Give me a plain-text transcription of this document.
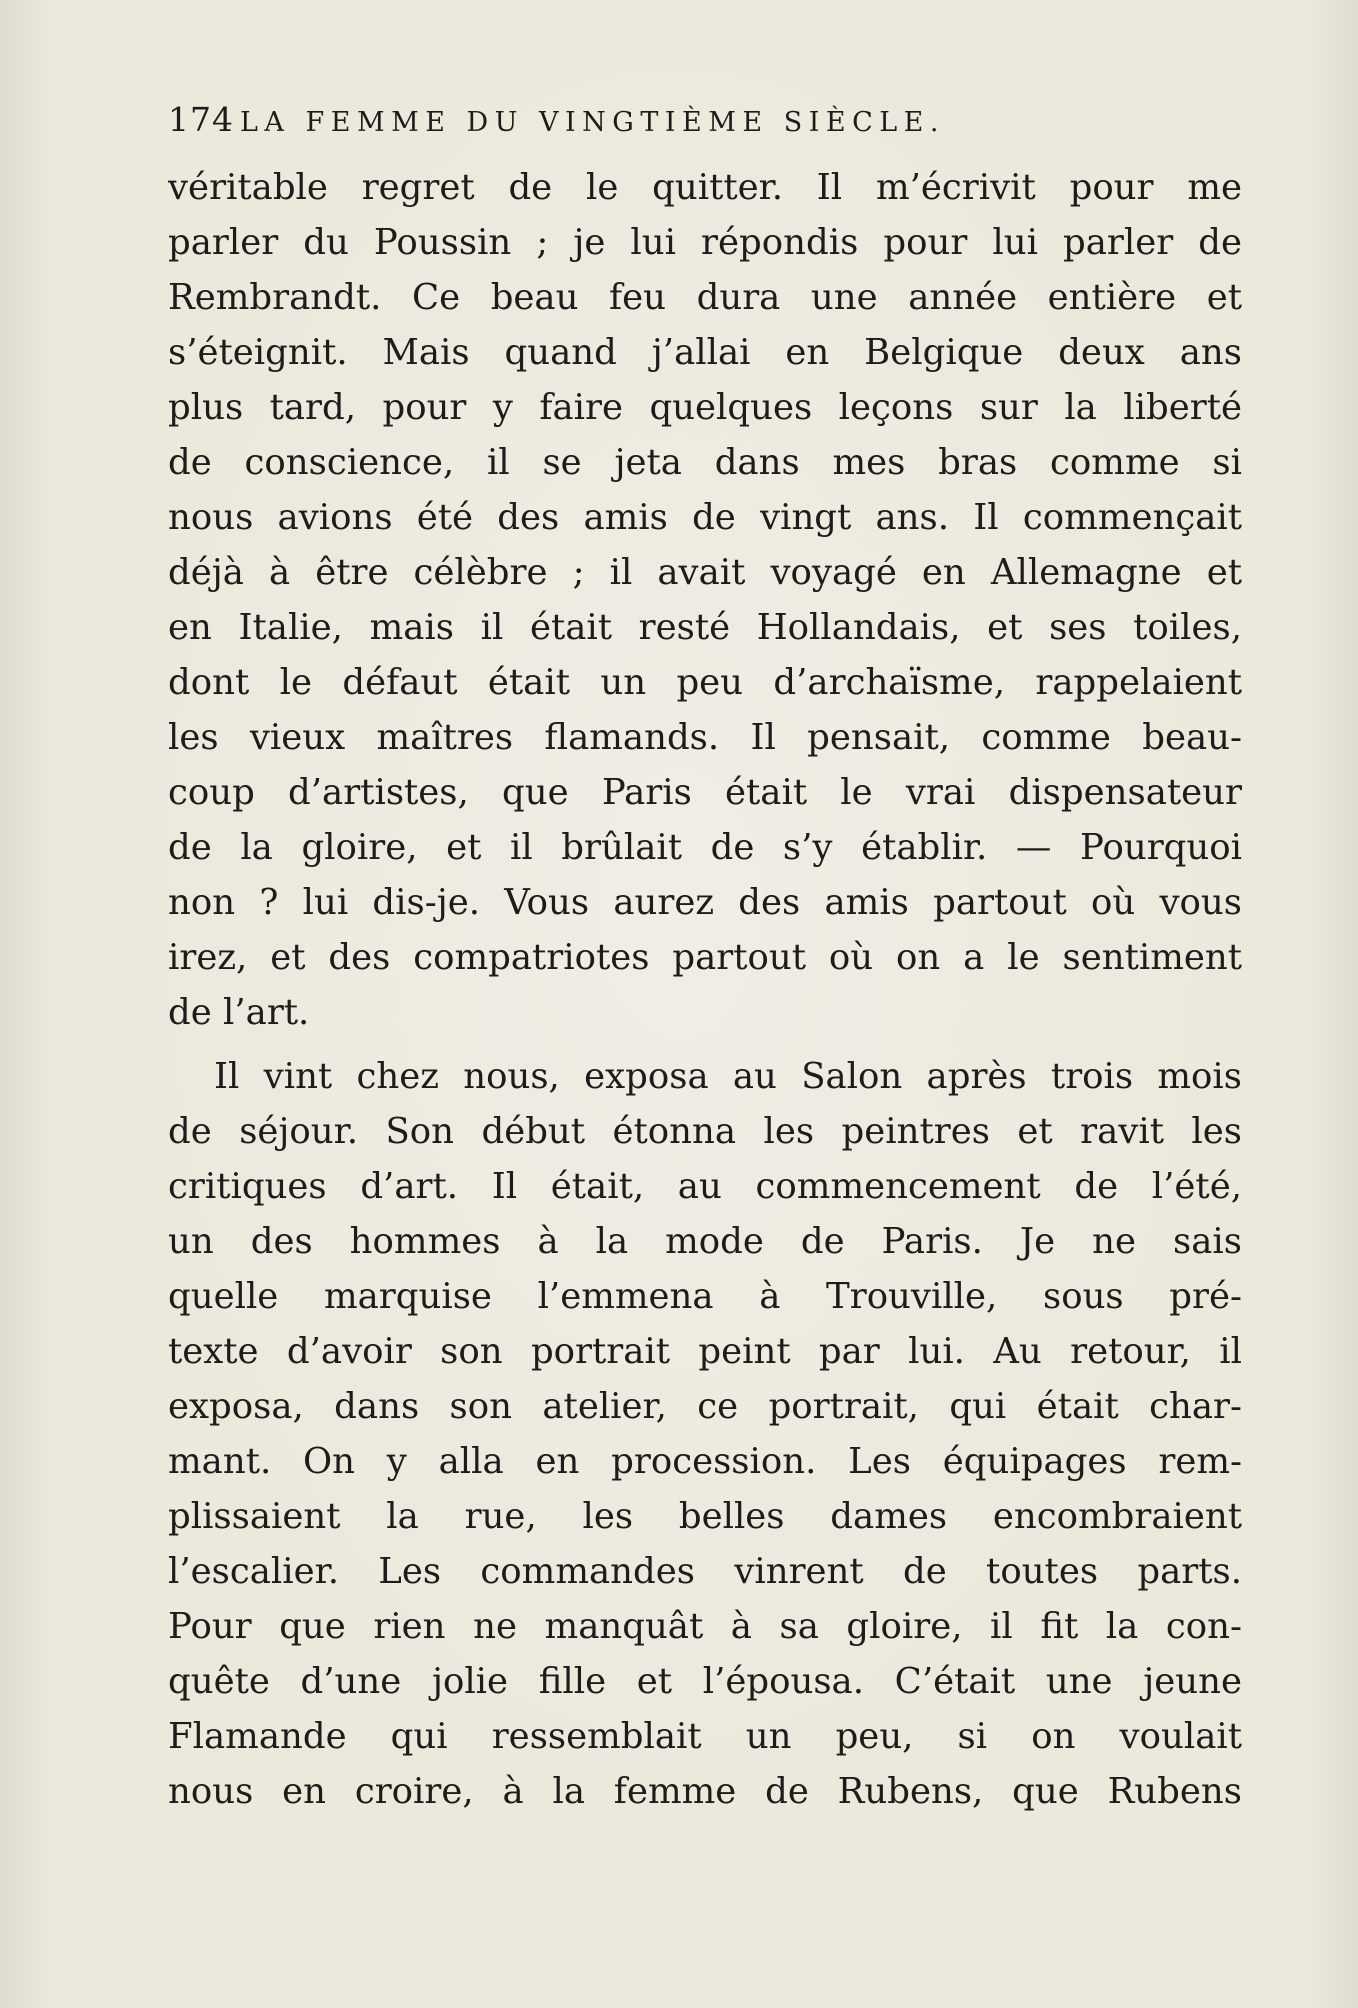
174 LA FEMME DU VINGTIÈME SIÈCLE.
véritable regret de le quitter. Il m’écrivit pour me
parler du Poussin ; je lui répondis pour lui parler de
Rembrandt. Ce beau feu dura une année entière et
s’éteignit. Mais quand j’allai en Belgique deux ans
plus tard, pour y faire quelques leçons sur la liberté
de conscience, il se jeta dans mes bras comme si
nous avions été des amis de vingt ans. Il commençait
déjà à être célèbre ; il avait voyagé en Allemagne et
en Italie, mais il était resté Hollandais, et ses toiles,
dont le défaut était un peu d’archaïsme, rappelaient
les vieux maîtres flamands. Il pensait, comme beau-
coup d’artistes, que Paris était le vrai dispensateur
de la gloire, et il brûlait de s’y établir. — Pourquoi
non ? lui dis-je. Vous aurez des amis partout où vous
irez, et des compatriotes partout où on a le sentiment
de l’art.
Il vint chez nous, exposa au Salon après trois mois
de séjour. Son début étonna les peintres et ravit les
critiques d’art. Il était, au commencement de l’été,
un des hommes à la mode de Paris. Je ne sais
quelle marquise l’emmena à Trouville, sous pré-
texte d’avoir son portrait peint par lui. Au retour, il
exposa, dans son atelier, ce portrait, qui était char-
mant. On y alla en procession. Les équipages rem-
plissaient la rue, les belles dames encombraient
l’escalier. Les commandes vinrent de toutes parts.
Pour que rien ne manquât à sa gloire, il fit la con-
quête d’une jolie fille et l’épousa. C’était une jeune
Flamande qui ressemblait un peu, si on voulait
nous en croire, à la femme de Rubens, que Rubens
